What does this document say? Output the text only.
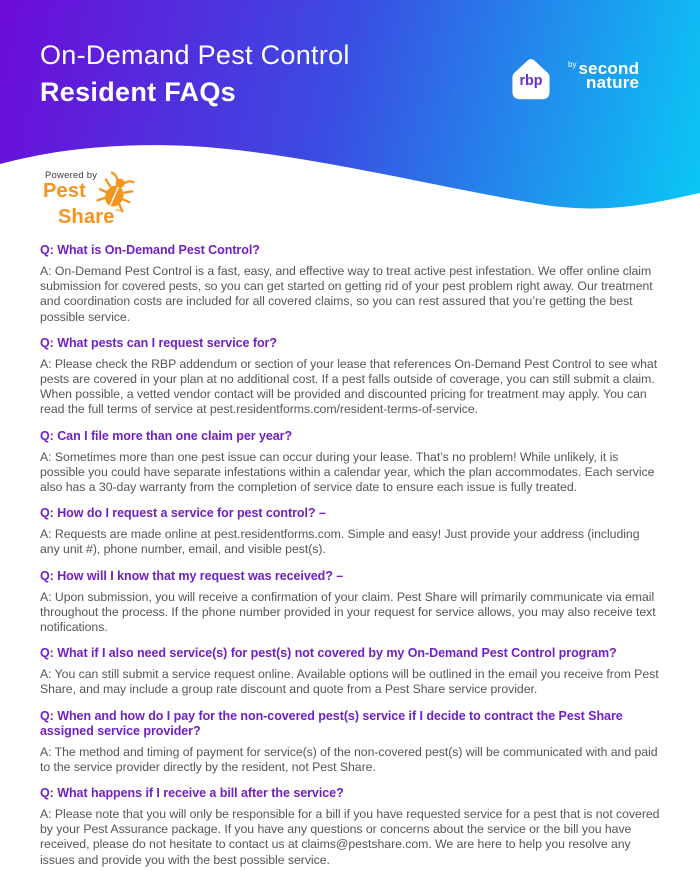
On-Demand Pest Control
Resident FAQs	rbp
$^{by}$ second
nature
Powered by
Pest
Share™
Q: What is On-Demand Pest Control?

A: On-Demand Pest Control is a fast, easy, and effective way to treat active pest infestation. We offer online claim submission for covered pests, so you can get started on getting rid of your pest problem right away. Our treatment and coordination costs are included for all covered claims, so you can rest assured that you’re getting the best possible service.

Q: What pests can I request service for?

A: Please check the RBP addendum or section of your lease that references On-Demand Pest Control to see what pests are covered in your plan at no additional cost. If a pest falls outside of coverage, you can still submit a claim. When possible, a vetted vendor contact will be provided and discounted pricing for treatment may apply. You can read the full terms of service at pest.residentforms.com/resident-terms-of-service.

Q: Can I file more than one claim per year?

A: Sometimes more than one pest issue can occur during your lease. That’s no problem! While unlikely, it is possible you could have separate infestations within a calendar year, which the plan accommodates. Each service also has a 30-day warranty from the completion of service date to ensure each issue is fully treated.

Q: How do I request a service for pest control? –

A: Requests are made online at pest.residentforms.com. Simple and easy! Just provide your address (including any unit #), phone number, email, and visible pest(s).

Q: How will I know that my request was received? –

A: Upon submission, you will receive a confirmation of your claim. Pest Share will primarily communicate via email throughout the process. If the phone number provided in your request for service allows, you may also receive text notifications.

Q: What if I also need service(s) for pest(s) not covered by my On-Demand Pest Control program?

A: You can still submit a service request online. Available options will be outlined in the email you receive from Pest Share, and may include a group rate discount and quote from a Pest Share service provider.

Q: When and how do I pay for the non-covered pest(s) service if I decide to contract the Pest Share assigned service provider?

A: The method and timing of payment for service(s) of the non-covered pest(s) will be communicated with and paid to the service provider directly by the resident, not Pest Share.

Q: What happens if I receive a bill after the service?

A: Please note that you will only be responsible for a bill if you have requested service for a pest that is not covered by your Pest Assurance package. If you have any questions or concerns about the service or the bill you have received, please do not hesitate to contact us at claims@pestshare.com. We are here to help you resolve any issues and provide you with the best possible service.
